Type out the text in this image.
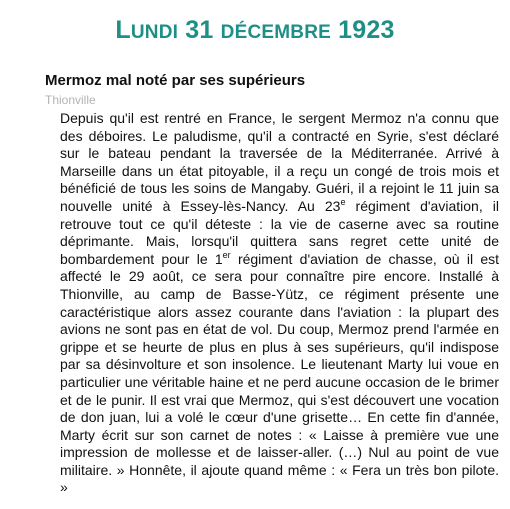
LUNDI 31 DÉCEMBRE 1923
Mermoz mal noté par ses supérieurs
Thionville

Depuis qu'il est rentré en France, le sergent Mermoz n'a connu que des déboires. Le paludisme, qu'il a contracté en Syrie, s'est déclaré sur le bateau pendant la traversée de la Méditerranée. Arrivé à Marseille dans un état pitoyable, il a reçu un congé de trois mois et bénéficié de tous les soins de Mangaby. Guéri, il a rejoint le 11 juin sa nouvelle unité à Essey-lès-Nancy. Au 23e régiment d'aviation, il retrouve tout ce qu'il déteste : la vie de caserne avec sa routine déprimante. Mais, lorsqu'il quittera sans regret cette unité de bombardement pour le 1er régiment d'aviation de chasse, où il est affecté le 29 août, ce sera pour connaître pire encore. Installé à Thionville, au camp de Basse-Yütz, ce régiment présente une caractéristique alors assez courante dans l'aviation : la plupart des avions ne sont pas en état de vol. Du coup, Mermoz prend l'armée en grippe et se heurte de plus en plus à ses supérieurs, qu'il indispose par sa désinvolture et son insolence. Le lieutenant Marty lui voue en particulier une véritable haine et ne perd aucune occasion de le brimer et de le punir. Il est vrai que Mermoz, qui s'est découvert une vocation de don juan, lui a volé le cœur d'une grisette… En cette fin d'année, Marty écrit sur son carnet de notes : « Laisse à première vue une impression de mollesse et de laisser-aller. (…) Nul au point de vue militaire. » Honnête, il ajoute quand même : « Fera un très bon pilote. »
